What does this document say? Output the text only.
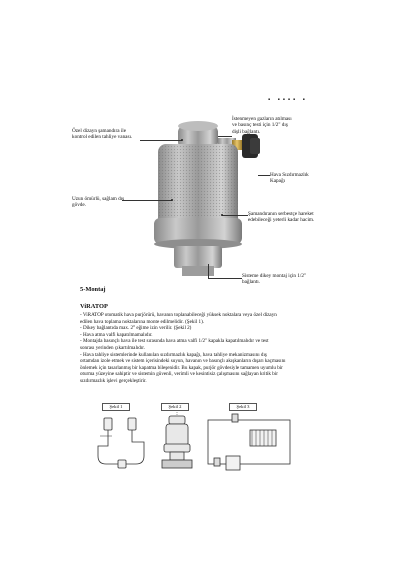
▪ ▪▪▪▪ ▪
İstenmeyen gazların atılması
ve basınç testi için 1/2" dış
dişli bağlantı.
Özel dizayn şamandıra ile
kontrol edilen tahliye vanası.
Hava Sızdırmazlık
Kapağı
Uzun ömürlü, sağlam dış
gövde.
Şamandıranın serbestçe hareket
edebileceği yeterli kadar hacim.
Sisteme dikey montaj için 1/2"
bağlantı.
5-Montaj
ViRATOP
- ViRATOP otomatik hava purjörürü, havanın toplanabileceği yüksek noktalara veya özel dizayn
edilen hava toplama noktalarına monte edilmelidir. (Şekil 1).
- Dikey bağlantıda max. 2° eğime izin verilir. (Şekil 2)
- Hava atma valfi kapatılmamalıdır.
- Montajda basınçlı hava ile test sırasında hava atma valfi 1/2" kapakla kapatılmalıdır ve test
sonrası yerinden çıkartılmalıdır.
- Hava tahliye sistemlerinde kullanılan sızdırmazlık kapağı, hava tahliye mekanizmasını dış
ortamdan izole etmek ve sistem içerisindeki suyun, havanın ve basınçlı akışkanların dışarı kaçmasını
önlemek için tasarlanmış bir kapatma bileşenidir. Bu kapak, purjör gövdesiyle tamamen uyumlu bir
oturma yüzeyine sahiptir ve sistemin güvenli, verimli ve kesintisiz çalışmasını sağlayan kritik bir
sızdırmazlık işlevi gerçekleştirir.
Şekil 1	Şekil 2	Şekil 3
